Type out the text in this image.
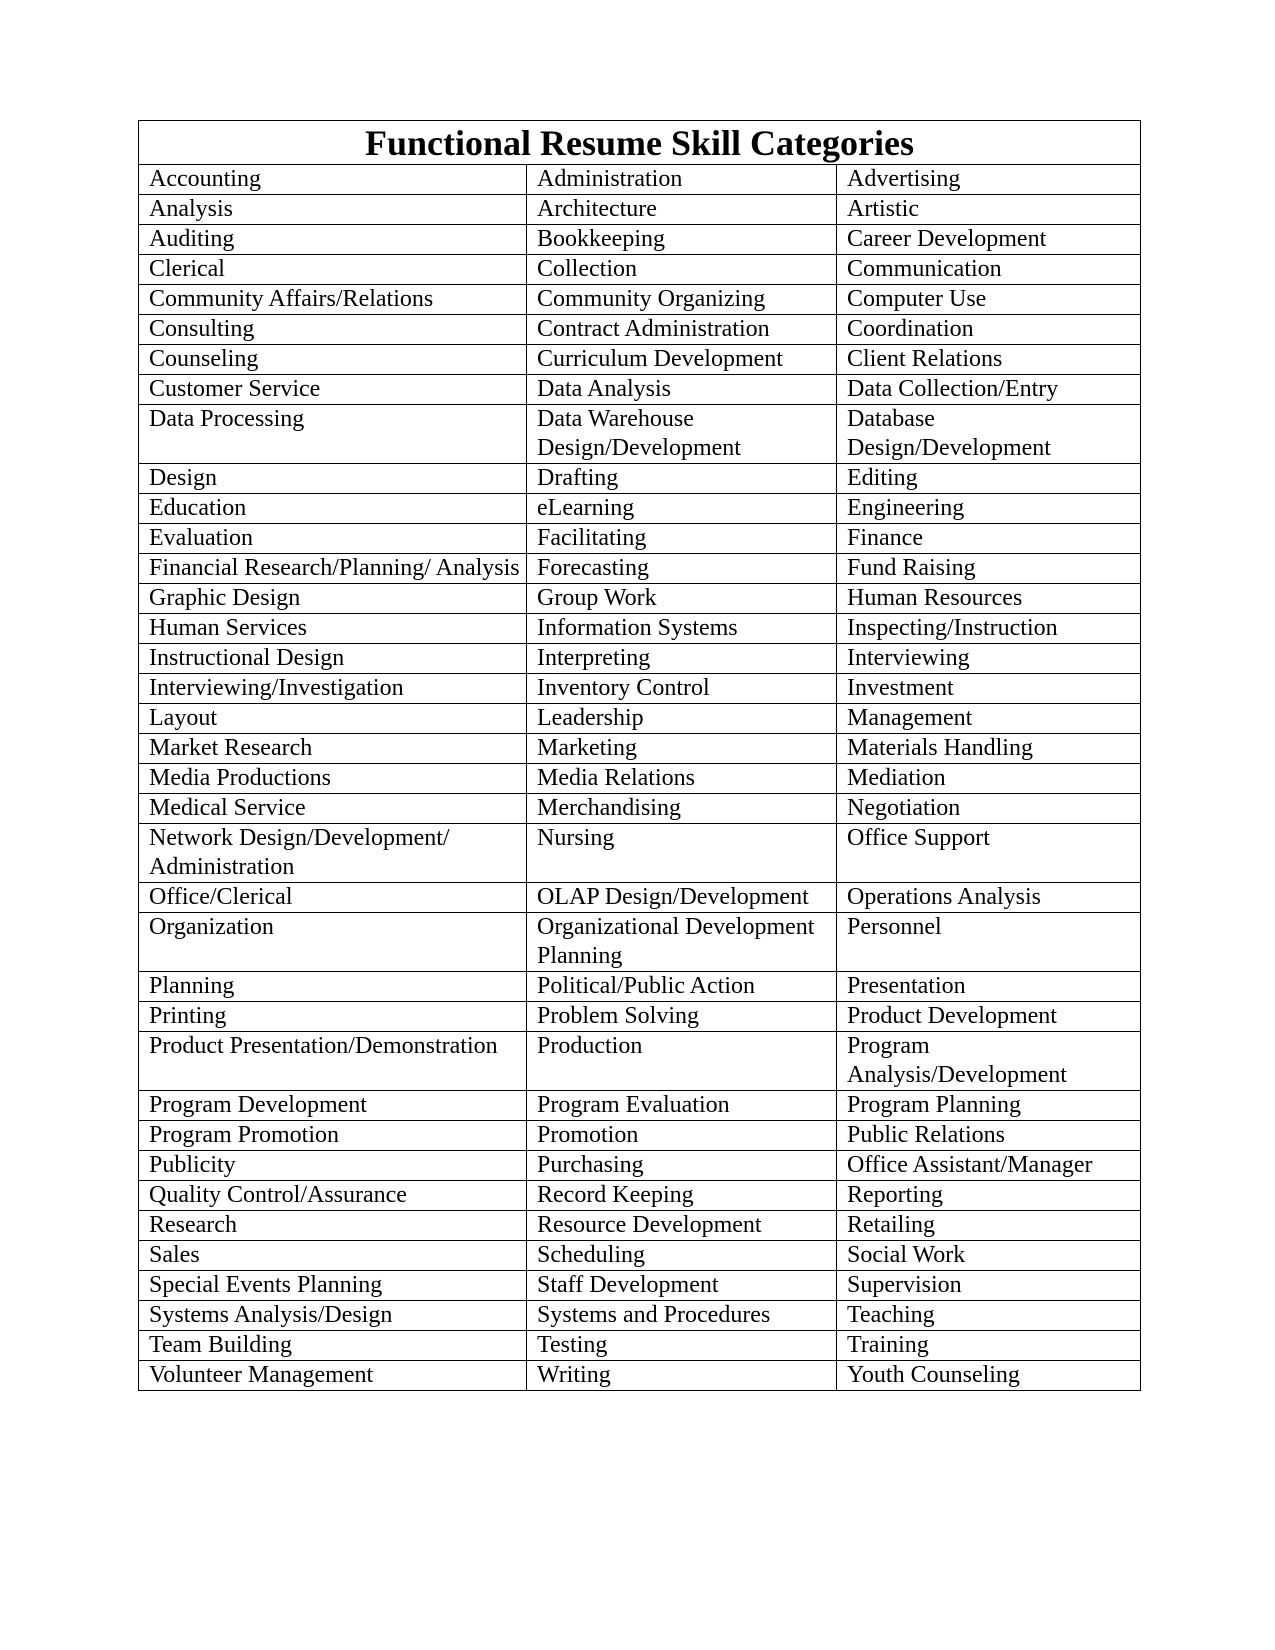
Functional Resume Skill Categories		
Accounting	Administration	Advertising
Analysis	Architecture	Artistic
Auditing	Bookkeeping	Career Development
Clerical	Collection	Communication
Community Affairs/Relations	Community Organizing	Computer Use
Consulting	Contract Administration	Coordination
Counseling	Curriculum Development	Client Relations
Customer Service	Data Analysis	Data Collection/Entry
Data Processing	Data Warehouse Design/Development	Database Design/Development
Design	Drafting	Editing
Education	eLearning	Engineering
Evaluation	Facilitating	Finance
Financial Research/Planning/ Analysis	Forecasting	Fund Raising
Graphic Design	Group Work	Human Resources
Human Services	Information Systems	Inspecting/Instruction
Instructional Design	Interpreting	Interviewing
Interviewing/Investigation	Inventory Control	Investment
Layout	Leadership	Management
Market Research	Marketing	Materials Handling
Media Productions	Media Relations	Mediation
Medical Service	Merchandising	Negotiation
Network Design/Development/ Administration	Nursing	Office Support
Office/Clerical	OLAP Design/Development	Operations Analysis
Organization	Organizational Development Planning	Personnel
Planning	Political/Public Action	Presentation
Printing	Problem Solving	Product Development
Product Presentation/Demonstration	Production	Program Analysis/Development
Program Development	Program Evaluation	Program Planning
Program Promotion	Promotion	Public Relations
Publicity	Purchasing	Office Assistant/Manager
Quality Control/Assurance	Record Keeping	Reporting
Research	Resource Development	Retailing
Sales	Scheduling	Social Work
Special Events Planning	Staff Development	Supervision
Systems Analysis/Design	Systems and Procedures	Teaching
Team Building	Testing	Training
Volunteer Management	Writing	Youth Counseling
